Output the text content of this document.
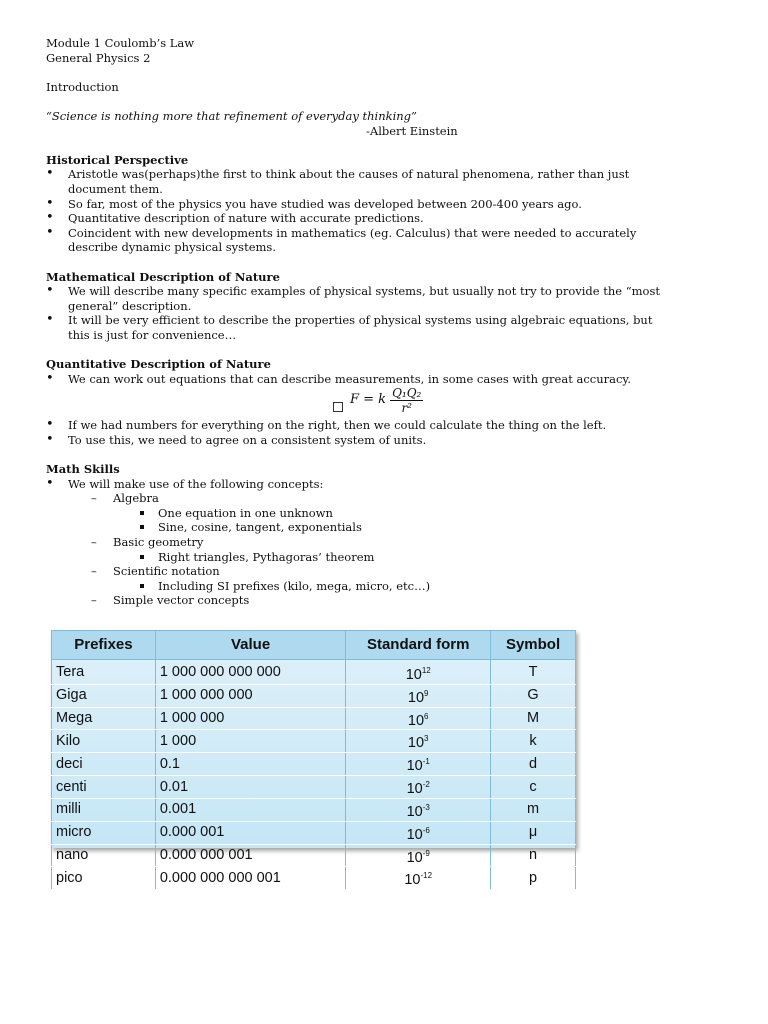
Module 1 Coulomb’s Law
General Physics 2
Introduction
“Science is nothing more that refinement of everyday thinking”
-Albert Einstein
Historical Perspective
• Aristotle was(perhaps)the first to think about the causes of natural phenomena, rather than just
document them.
• So far, most of the physics you have studied was developed between 200-400 years ago.
• Quantitative description of nature with accurate predictions.
• Coincident with new developments in mathematics (eg. Calculus) that were needed to accurately
describe dynamic physical systems.
Mathematical Description of Nature
• We will describe many specific examples of physical systems, but usually not try to provide the “most
general” description.
• It will be very efficient to describe the properties of physical systems using algebraic equations, but
this is just for convenience…
Quantitative Description of Nature
• We can work out equations that can describe measurements, in some cases with great accuracy.
F = k $\frac{\text{Q₁Q₂}}{\text{r²}}$
• If we had numbers for everything on the right, then we could calculate the thing on the left.
• To use this, we need to agree on a consistent system of units.
Math Skills
• We will make use of the following concepts:
– Algebra
One equation in one unknown
Sine, cosine, tangent, exponentials
– Basic geometry
Right triangles, Pythagoras’ theorem
– Scientific notation
Including SI prefixes (kilo, mega, micro, etc…)
– Simple vector concepts
Prefixes	Value	Standard form	Symbol
Tera	1 000 000 000 000	$10^{12}$	T
Giga	1 000 000 000	$10^9$	G
Mega	1 000 000	$10^6$	M
Kilo	1 000	$10^3$	k
deci	0.1	$10^{-1}$	d
centi	0.01	$10^{-2}$	c
milli	0.001	$10^{-3}$	m
micro	0.000 001	$10^{-6}$	μ
nano	0.000 000 001	$10^{-9}$	n
pico	0.000 000 000 001	$10^{-12}$	p
